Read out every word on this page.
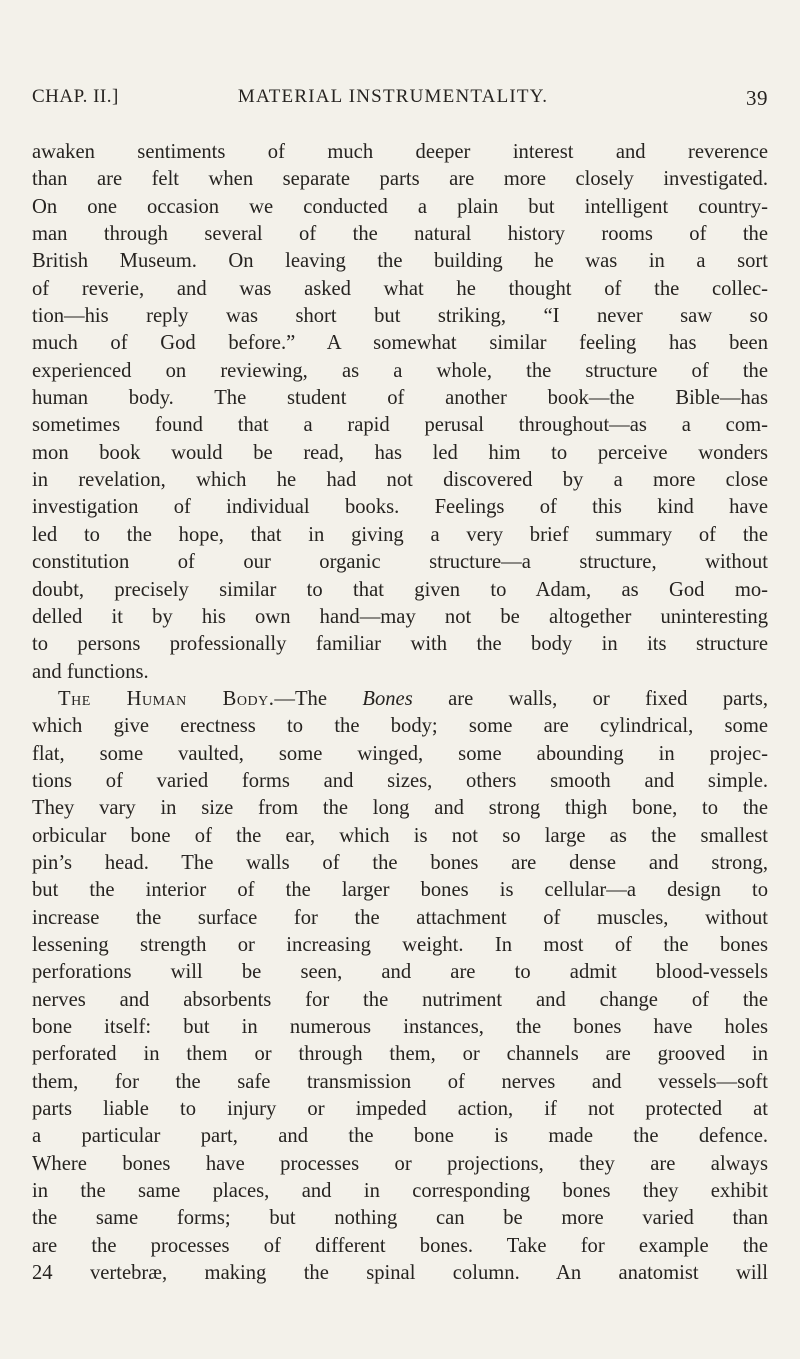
CHAP. II.]	MATERIAL INSTRUMENTALITY.	39
awaken sentiments of much deeper interest and reverence
than are felt when separate parts are more closely investigated.
On one occasion we conducted a plain but intelligent country-
man through several of the natural history rooms of the
British Museum. On leaving the building he was in a sort
of reverie, and was asked what he thought of the collec-
tion—his reply was short but striking, “I never saw so
much of God before.” A somewhat similar feeling has been
experienced on reviewing, as a whole, the structure of the
human body. The student of another book—the Bible—has
sometimes found that a rapid perusal throughout—as a com-
mon book would be read, has led him to perceive wonders
in revelation, which he had not discovered by a more close
investigation of individual books. Feelings of this kind have
led to the hope, that in giving a very brief summary of the
constitution of our organic structure—a structure, without
doubt, precisely similar to that given to Adam, as God mo-
delled it by his own hand—may not be altogether uninteresting
to persons professionally familiar with the body in its structure
and functions.
The Human Body.—The Bones are walls, or fixed parts,
which give erectness to the body; some are cylindrical, some
flat, some vaulted, some winged, some abounding in projec-
tions of varied forms and sizes, others smooth and simple.
They vary in size from the long and strong thigh bone, to the
orbicular bone of the ear, which is not so large as the smallest
pin’s head. The walls of the bones are dense and strong,
but the interior of the larger bones is cellular—a design to
increase the surface for the attachment of muscles, without
lessening strength or increasing weight. In most of the bones
perforations will be seen, and are to admit blood-vessels
nerves and absorbents for the nutriment and change of the
bone itself: but in numerous instances, the bones have holes
perforated in them or through them, or channels are grooved in
them, for the safe transmission of nerves and vessels—soft
parts liable to injury or impeded action, if not protected at
a particular part, and the bone is made the defence.
Where bones have processes or projections, they are always
in the same places, and in corresponding bones they exhibit
the same forms; but nothing can be more varied than
are the processes of different bones. Take for example the
24 vertebræ, making the spinal column. An anatomist will
